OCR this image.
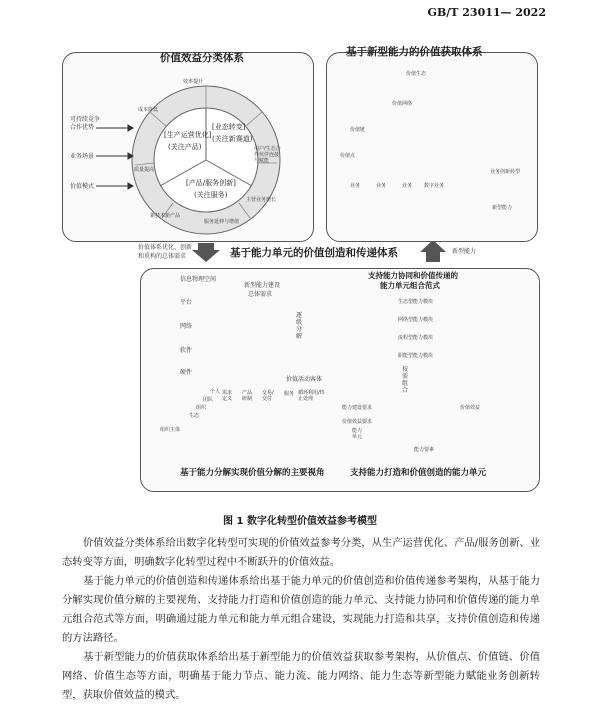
GB/T 23011— 2022
价值效益分类体系
可持续竞争合作优势
业务场景
价值模式
[生产运营优化]
(关注产品)
[业态转变]
(关注新赛道)
[产品/服务创新]
(关注服务)
效率提升
成本降低
质量提高
新技术新产品
服务延伸与增值
主营业务增长
用户/生态合作伙伴连接与赋能
价值体系优化、创新
和重构的总体需求
基于新型能力的价值获取体系
价值生态
价值网络
价值链
价值点
业务	业务	业务 数字业务
业务创新转型
新型能力
新型能力
基于能力单元的价值创造和传递体系
信息物理空间
平台
网络
软件
硬件
新型能力建设
总体需求
逐级分解
价值活动客体
需求定义
产品研制
交易/交付
服务 循环利用/终止处理
组织主体
个人
团队
组织
生态
基于能力分解实现价值分解的主要视角
支持能力协同和价值传递的
能力单元组合范式
生态型能力模块
网络型能力模块
流程型能力模块
职能型能力模块
按需组合
能力建设要求
价值效益要求
价值效益
能力单元
能力要素
支持能力打造和价值创造的能力单元
图 1 数字化转型价值效益参考模型

价值效益分类体系给出数字化转型可实现的价值效益参考分类，从生产运营优化、产品/服务创新、业态转变等方面，明确数字化转型过程中不断跃升的价值效益。

基于能力单元的价值创造和传递体系给出基于能力单元的价值创造和价值传递参考架构，从基于能力分解实现价值分解的主要视角、支持能力打造和价值创造的能力单元、支持能力协同和价值传递的能力单元组合范式等方面，明确通过能力单元和能力单元组合建设，实现能力打造和共享，支持价值创造和传递的方法路径。

基于新型能力的价值获取体系给出基于新型能力的价值效益获取参考架构，从价值点、价值链、价值网络、价值生态等方面，明确基于能力节点、能力流、能力网络、能力生态等新型能力赋能业务创新转型，获取价值效益的模式。
